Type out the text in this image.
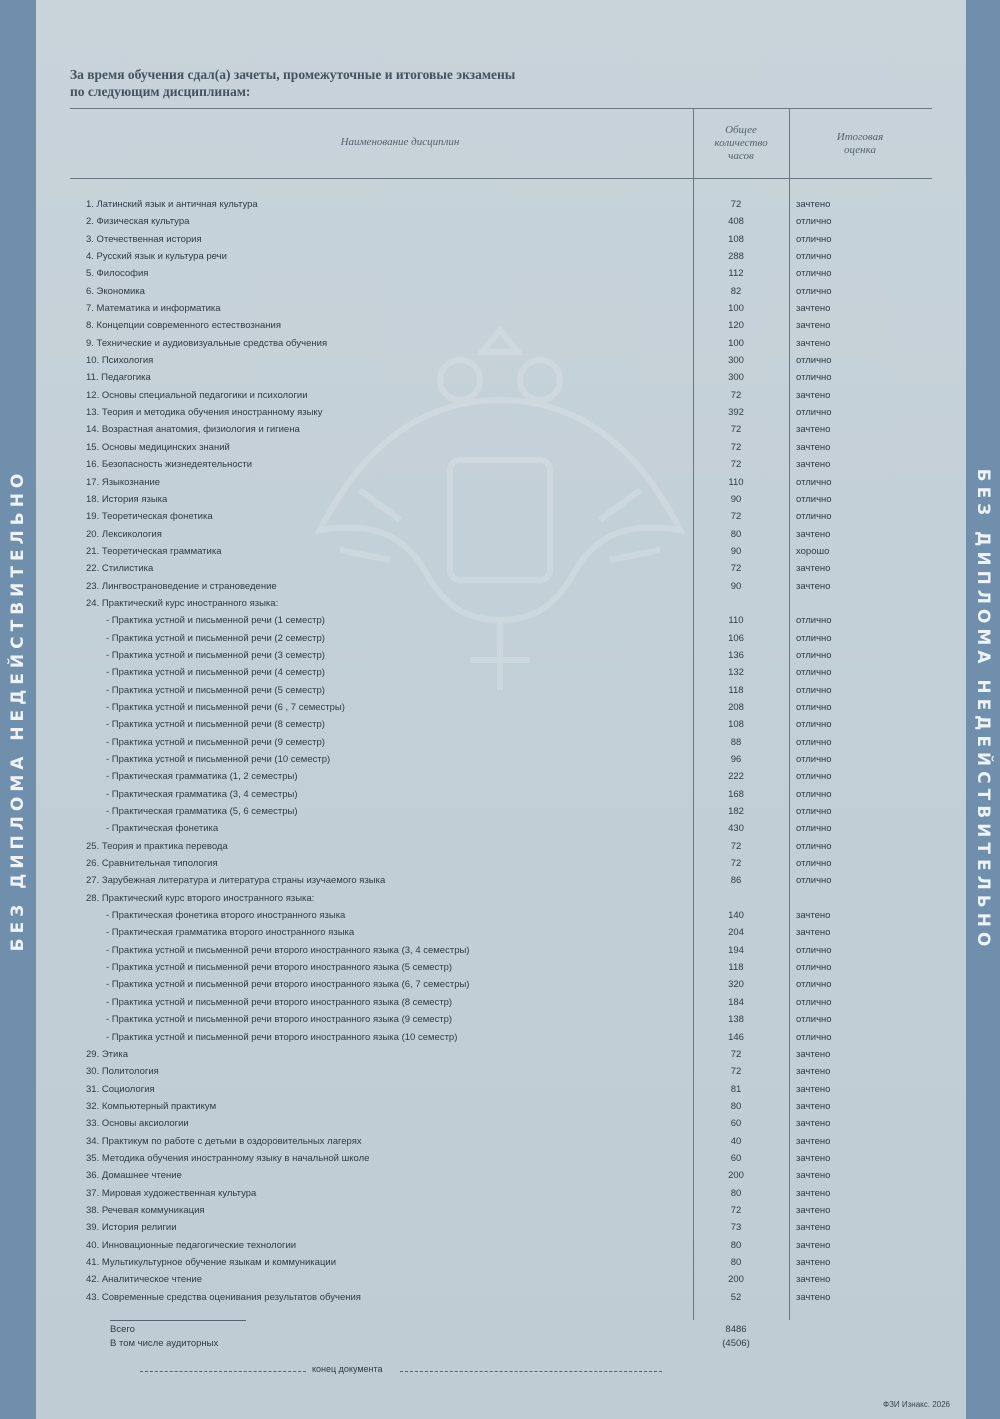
БЕЗ ДИПЛОМА НЕДЕЙСТВИТЕЛЬНО	БЕЗ ДИПЛОМА НЕДЕЙСТВИТЕЛЬНО
За время обучения сдал(а) зачеты, промежуточные и итоговые экзамены
по следующим дисциплинам:
Наименование дисциплин
Общее
количество
часов
Итоговая
оценка
1. Латинский язык и античная культура	72	зачтено
2. Физическая культура	408	отлично
3. Отечественная история	108	отлично
4. Русский язык и культура речи	288	отлично
5. Философия	112	отлично
6. Экономика	82	отлично
7. Математика и информатика	100	зачтено
8. Концепции современного естествознания	120	зачтено
9. Технические и аудиовизуальные средства обучения	100	зачтено
10. Психология	300	отлично
11. Педагогика	300	отлично
12. Основы специальной педагогики и психологии	72	зачтено
13. Теория и методика обучения иностранному языку	392	отлично
14. Возрастная анатомия, физиология и гигиена	72	зачтено
15. Основы медицинских знаний	72	зачтено
16. Безопасность жизнедеятельности	72	зачтено
17. Языкознание	110	отлично
18. История языка	90	отлично
19. Теоретическая фонетика	72	отлично
20. Лексикология	80	зачтено
21. Теоретическая грамматика	90	хорошо
22. Стилистика	72	зачтено
23. Лингвострановедение и страноведение	90	зачтено
24. Практический курс иностранного языка:
- Практика устной и письменной речи (1 семестр)	110	отлично
- Практика устной и письменной речи (2 семестр)	106	отлично
- Практика устной и письменной речи (3 семестр)	136	отлично
- Практика устной и письменной речи (4 семестр)	132	отлично
- Практика устной и письменной речи (5 семестр)	118	отлично
- Практика устной и письменной речи (6 , 7 семестры)	208	отлично
- Практика устной и письменной речи (8 семестр)	108	отлично
- Практика устной и письменной речи (9 семестр)	88	отлично
- Практика устной и письменной речи (10 семестр)	96	отлично
- Практическая грамматика (1, 2 семестры)	222	отлично
- Практическая грамматика (3, 4 семестры)	168	отлично
- Практическая грамматика (5, 6 семестры)	182	отлично
- Практическая фонетика	430	отлично
25. Теория и практика перевода	72	отлично
26. Сравнительная типология	72	отлично
27. Зарубежная литература и литература страны изучаемого языка	86	отлично
28. Практический курс второго иностранного языка:
- Практическая фонетика второго иностранного языка	140	зачтено
- Практическая грамматика второго иностранного языка	204	зачтено
- Практика устной и письменной речи второго иностранного языка (3, 4 семестры)	194	отлично
- Практика устной и письменной речи второго иностранного языка (5 семестр)	118	отлично
- Практика устной и письменной речи второго иностранного языка (6, 7 семестры)	320	отлично
- Практика устной и письменной речи второго иностранного языка (8 семестр)	184	отлично
- Практика устной и письменной речи второго иностранного языка (9 семестр)	138	отлично
- Практика устной и письменной речи второго иностранного языка (10 семестр)	146	отлично
29. Этика	72	зачтено
30. Политология	72	зачтено
31. Социология	81	зачтено
32. Компьютерный практикум	80	зачтено
33. Основы аксиологии	60	зачтено
34. Практикум по работе с детьми в оздоровительных лагерях	40	зачтено
35. Методика обучения иностранному языку в начальной школе	60	зачтено
36. Домашнее чтение	200	зачтено
37. Мировая художественная культура	80	зачтено
38. Речевая коммуникация	72	зачтено
39. История религии	73	зачтено
40. Инновационные педагогические технологии	80	зачтено
41. Мультикультурное обучение языкам и коммуникации	80	зачтено
42. Аналитическое чтение	200	зачтено
43. Современные средства оценивания результатов обучения	52	зачтено
Всего	8486
В том числе аудиторных	(4506)
конец документа
ФЗИ Изнакс. 2026
